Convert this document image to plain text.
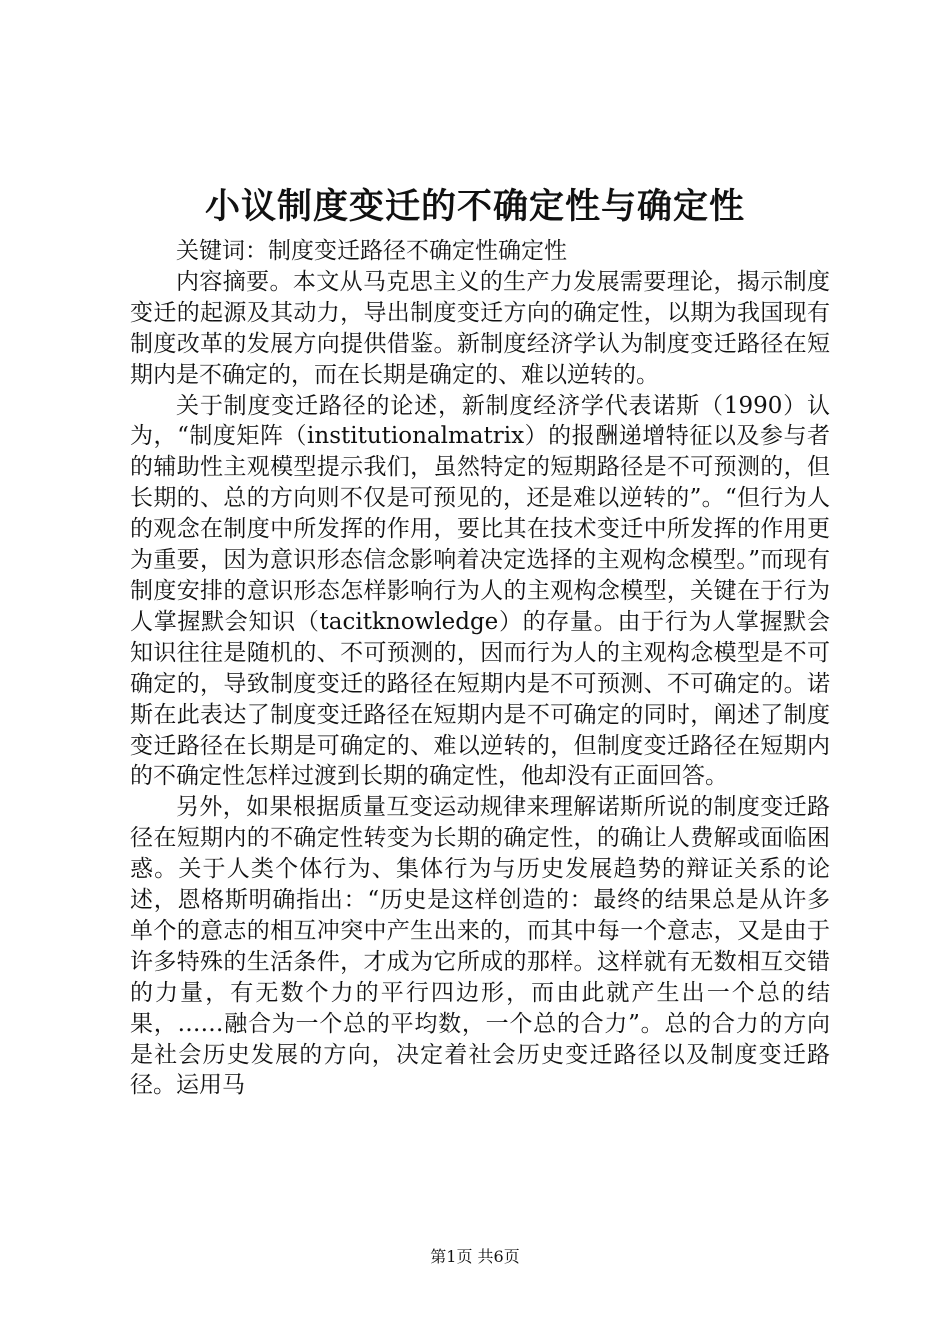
小议制度变迁的不确定性与确定性

关键词：制度变迁路径不确定性确定性

内容摘要。本文从马克思主义的生产力发展需要理论，揭示制度变迁的起源及其动力，导出制度变迁方向的确定性，以期为我国现有制度改革的发展方向提供借鉴。新制度经济学认为制度变迁路径在短期内是不确定的，而在长期是确定的、难以逆转的。

关于制度变迁路径的论述，新制度经济学代表诺斯（1990）认为，“制度矩阵（institutionalmatrix）的报酬递增特征以及参与者的辅助性主观模型提示我们，虽然特定的短期路径是不可预测的，但长期的、总的方向则不仅是可预见的，还是难以逆转的”。“但行为人的观念在制度中所发挥的作用，要比其在技术变迁中所发挥的作用更为重要，因为意识形态信念影响着决定选择的主观构念模型。”而现有制度安排的意识形态怎样影响行为人的主观构念模型，关键在于行为人掌握默会知识（tacitknowledge）的存量。由于行为人掌握默会知识往往是随机的、不可预测的，因而行为人的主观构念模型是不可确定的，导致制度变迁的路径在短期内是不可预测、不可确定的。诺斯在此表达了制度变迁路径在短期内是不可确定的同时，阐述了制度变迁路径在长期是可确定的、难以逆转的，但制度变迁路径在短期内的不确定性怎样过渡到长期的确定性，他却没有正面回答。

另外，如果根据质量互变运动规律来理解诺斯所说的制度变迁路径在短期内的不确定性转变为长期的确定性，的确让人费解或面临困惑。关于人类个体行为、集体行为与历史发展趋势的辩证关系的论述，恩格斯明确指出：“历史是这样创造的：最终的结果总是从许多单个的意志的相互冲突中产生出来的，而其中每一个意志，又是由于许多特殊的生活条件，才成为它所成的那样。这样就有无数相互交错的力量，有无数个力的平行四边形，而由此就产生出一个总的结果，……融合为一个总的平均数，一个总的合力”。总的合力的方向是社会历史发展的方向，决定着社会历史变迁路径以及制度变迁路径。运用马

第1页 共6页
